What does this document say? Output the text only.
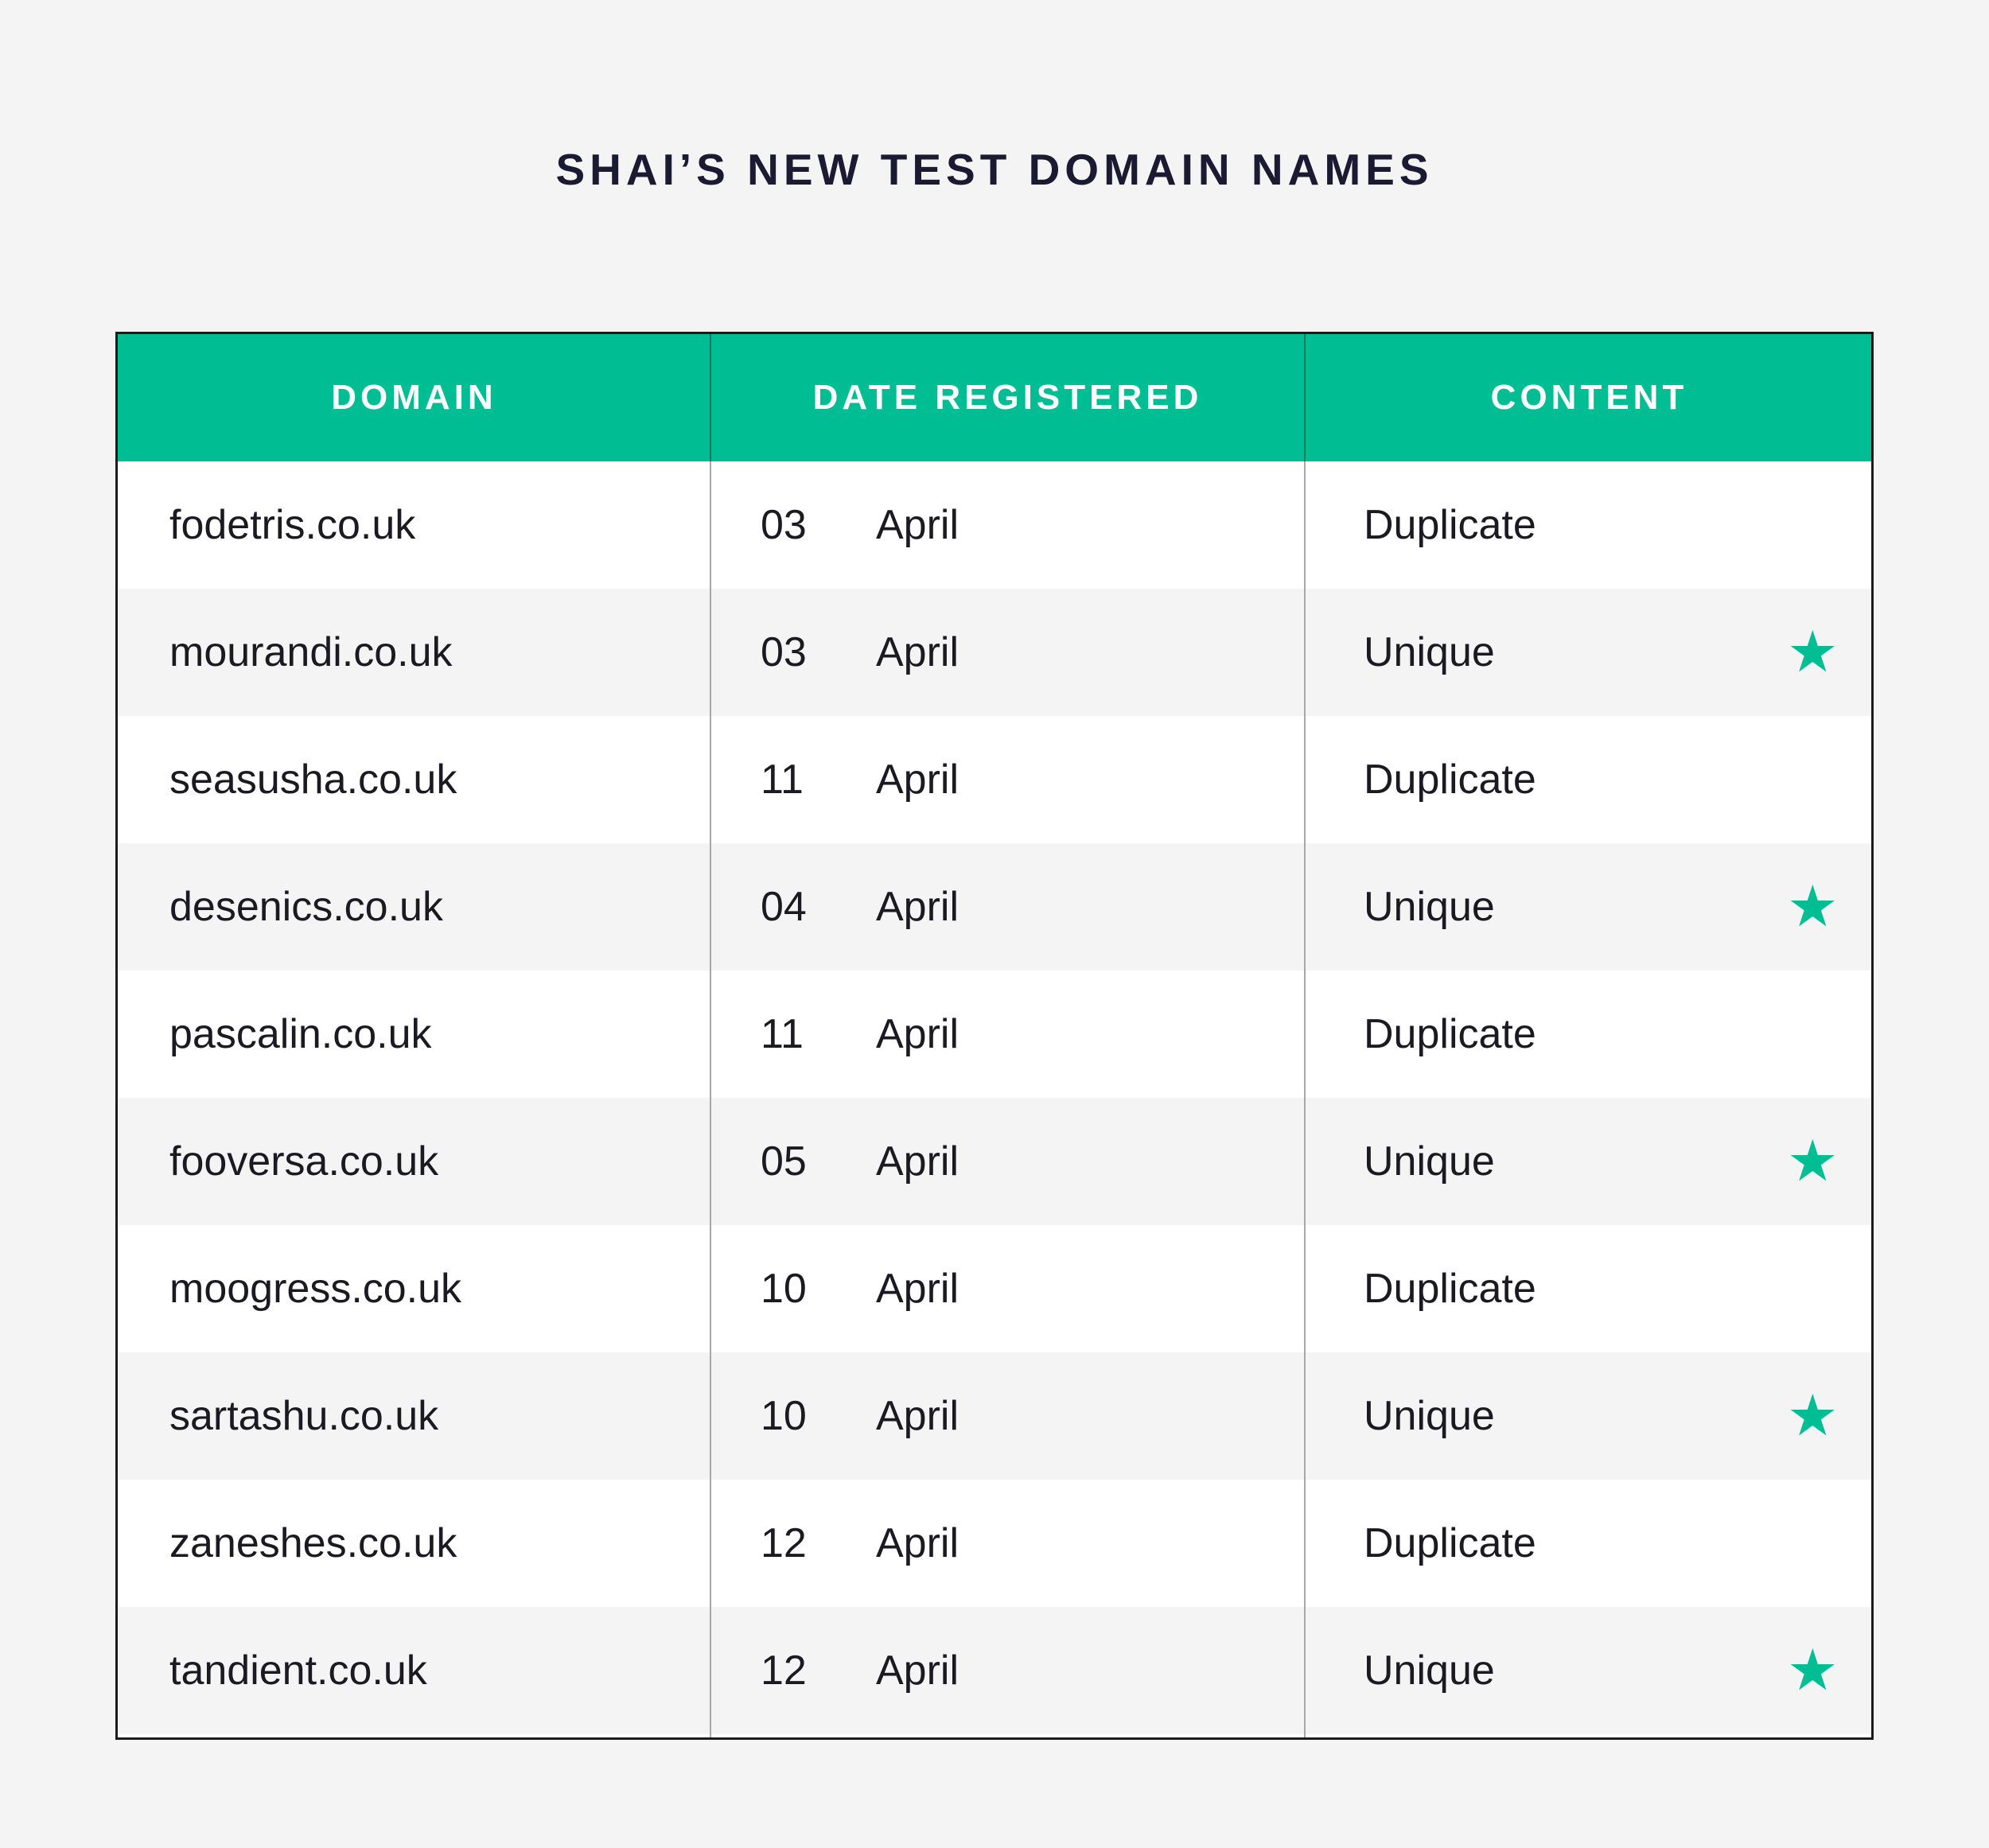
SHAI’S NEW TEST DOMAIN NAMES
DOMAIN	DATE REGISTERED	CONTENT
fodetris.co.uk	03 April	Duplicate
mourandi.co.uk	03 April	Unique	★
seasusha.co.uk	11 April	Duplicate
desenics.co.uk	04 April	Unique	★
pascalin.co.uk	11 April	Duplicate
fooversa.co.uk	05 April	Unique	★
moogress.co.uk	10 April	Duplicate
sartashu.co.uk	10 April	Unique	★
zaneshes.co.uk	12 April	Duplicate
tandient.co.uk	12 April	Unique	★
